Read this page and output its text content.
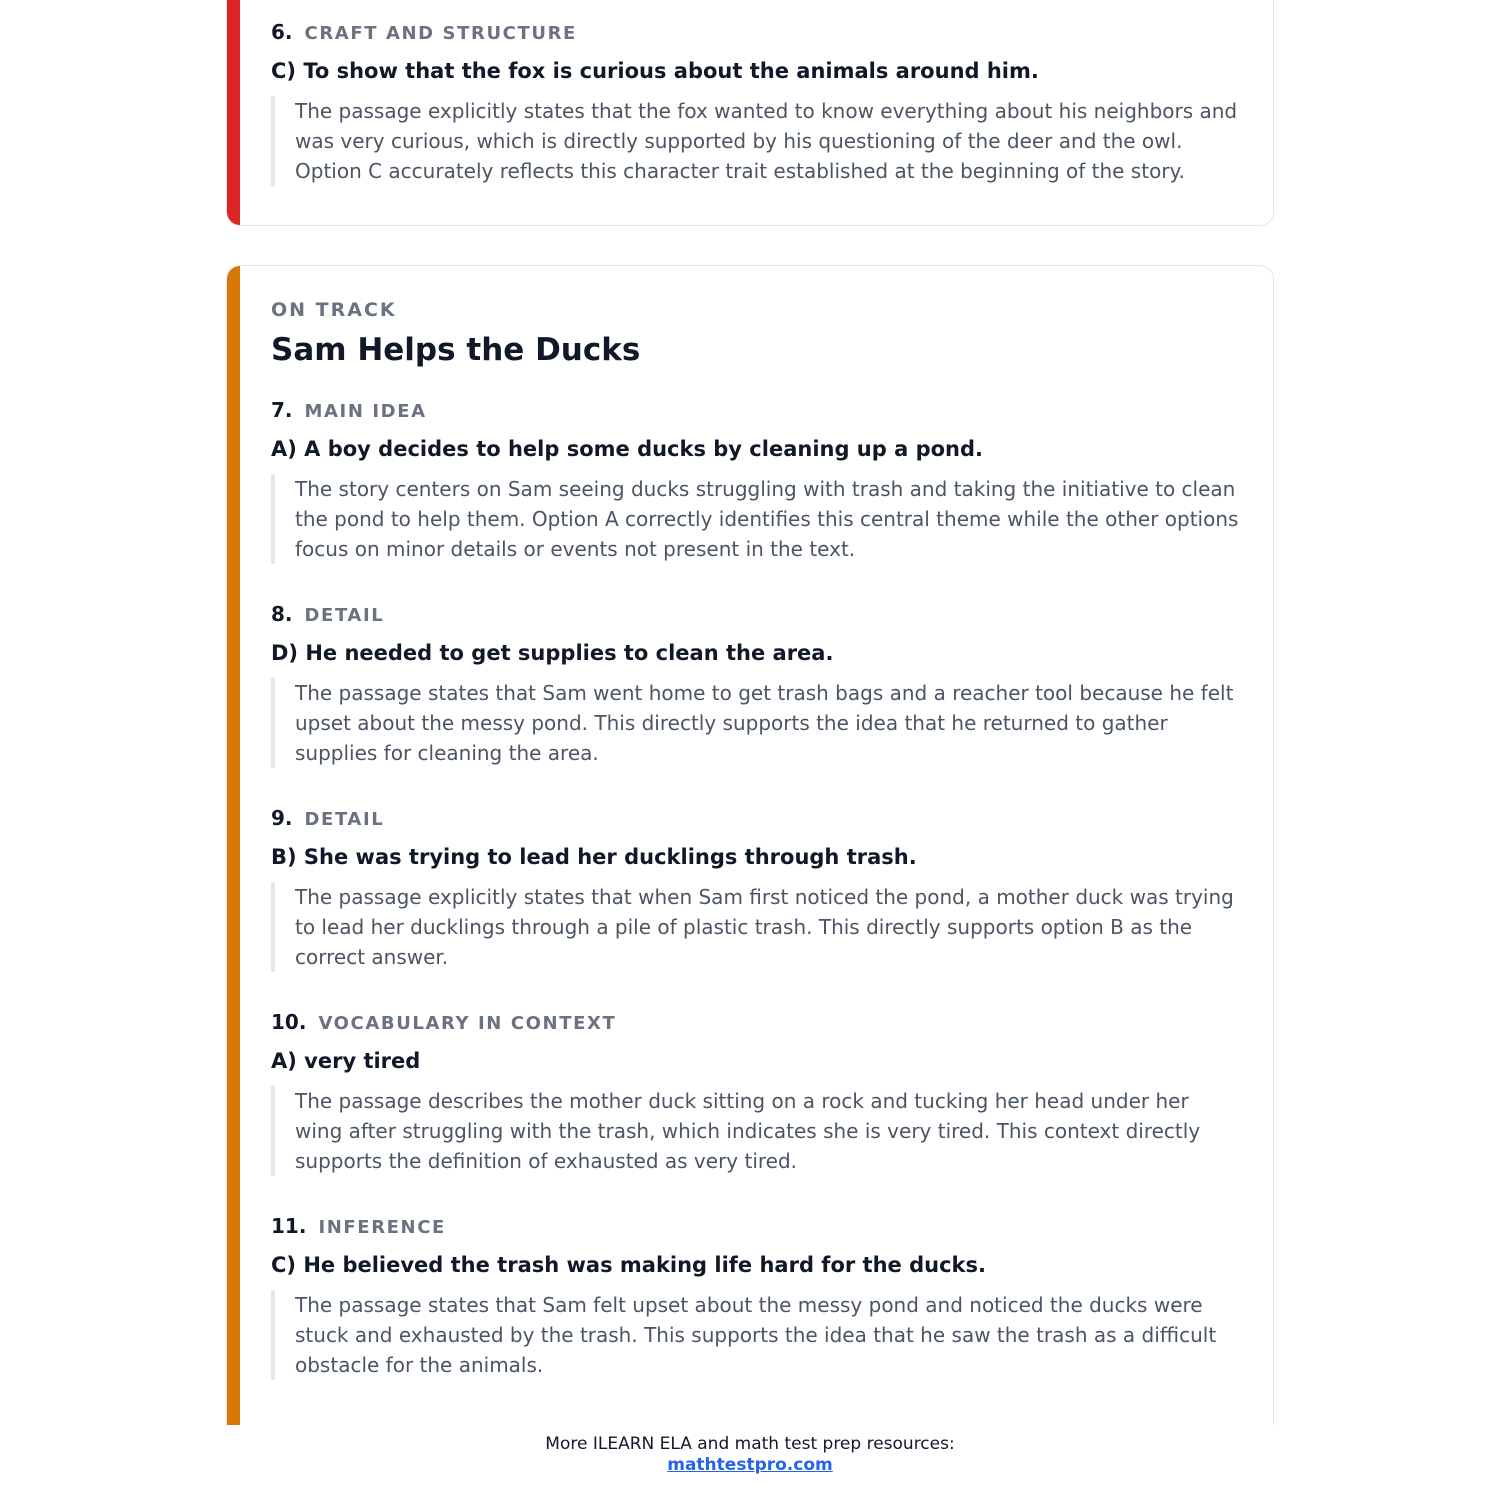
6. CRAFT AND STRUCTURE
C) To show that the fox is curious about the animals around him.

The passage explicitly states that the fox wanted to know everything about his neighbors and was very curious, which is directly supported by his questioning of the deer and the owl. Option C accurately reflects this character trait established at the beginning of the story.

ON TRACK
Sam Helps the Ducks
7. MAIN IDEA
A) A boy decides to help some ducks by cleaning up a pond.

The story centers on Sam seeing ducks struggling with trash and taking the initiative to clean the pond to help them. Option A correctly identifies this central theme while the other options focus on minor details or events not present in the text.

8. DETAIL
D) He needed to get supplies to clean the area.

The passage states that Sam went home to get trash bags and a reacher tool because he felt upset about the messy pond. This directly supports the idea that he returned to gather supplies for cleaning the area.

9. DETAIL
B) She was trying to lead her ducklings through trash.

The passage explicitly states that when Sam first noticed the pond, a mother duck was trying to lead her ducklings through a pile of plastic trash. This directly supports option B as the correct answer.

10. VOCABULARY IN CONTEXT
A) very tired

The passage describes the mother duck sitting on a rock and tucking her head under her wing after struggling with the trash, which indicates she is very tired. This context directly supports the definition of exhausted as very tired.

11. INFERENCE
C) He believed the trash was making life hard for the ducks.

The passage states that Sam felt upset about the messy pond and noticed the ducks were stuck and exhausted by the trash. This supports the idea that he saw the trash as a difficult obstacle for the animals.

More ILEARN ELA and math test prep resources:
mathtestpro.com
